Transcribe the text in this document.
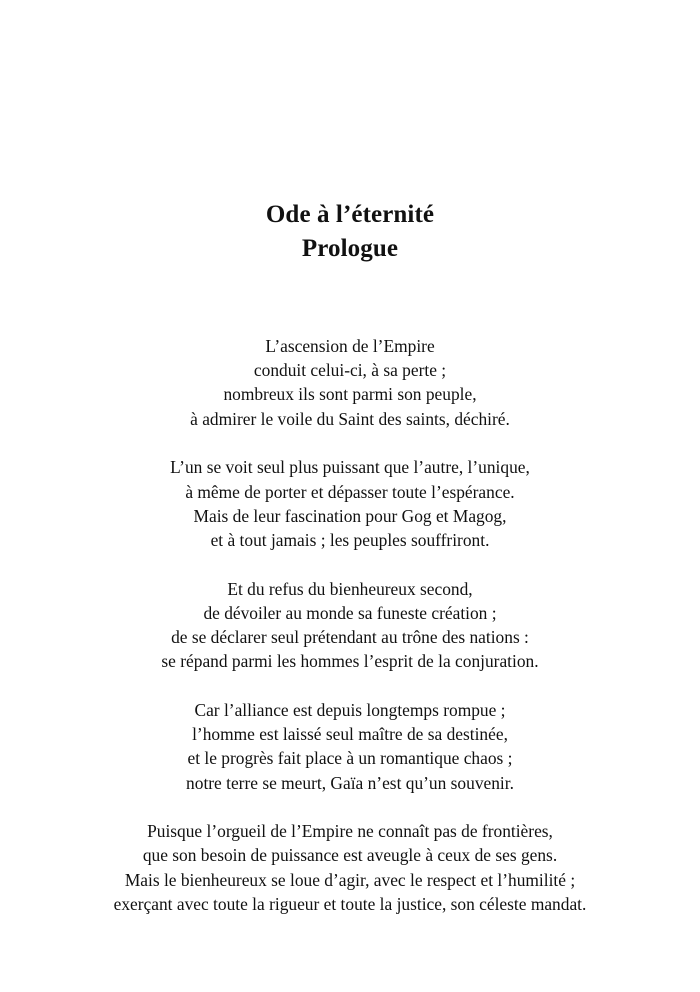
Ode à l’éternité
Prologue
L’ascension de l’Empire
conduit celui-ci, à sa perte ;
nombreux ils sont parmi son peuple,
à admirer le voile du Saint des saints, déchiré.
L’un se voit seul plus puissant que l’autre, l’unique,
à même de porter et dépasser toute l’espérance.
Mais de leur fascination pour Gog et Magog,
et à tout jamais ; les peuples souffriront.
Et du refus du bienheureux second,
de dévoiler au monde sa funeste création ;
de se déclarer seul prétendant au trône des nations :
se répand parmi les hommes l’esprit de la conjuration.
Car l’alliance est depuis longtemps rompue ;
l’homme est laissé seul maître de sa destinée,
et le progrès fait place à un romantique chaos ;
notre terre se meurt, Gaïa n’est qu’un souvenir.
Puisque l’orgueil de l’Empire ne connaît pas de frontières,
que son besoin de puissance est aveugle à ceux de ses gens.
Mais le bienheureux se loue d’agir, avec le respect et l’humilité ;
exerçant avec toute la rigueur et toute la justice, son céleste mandat.
